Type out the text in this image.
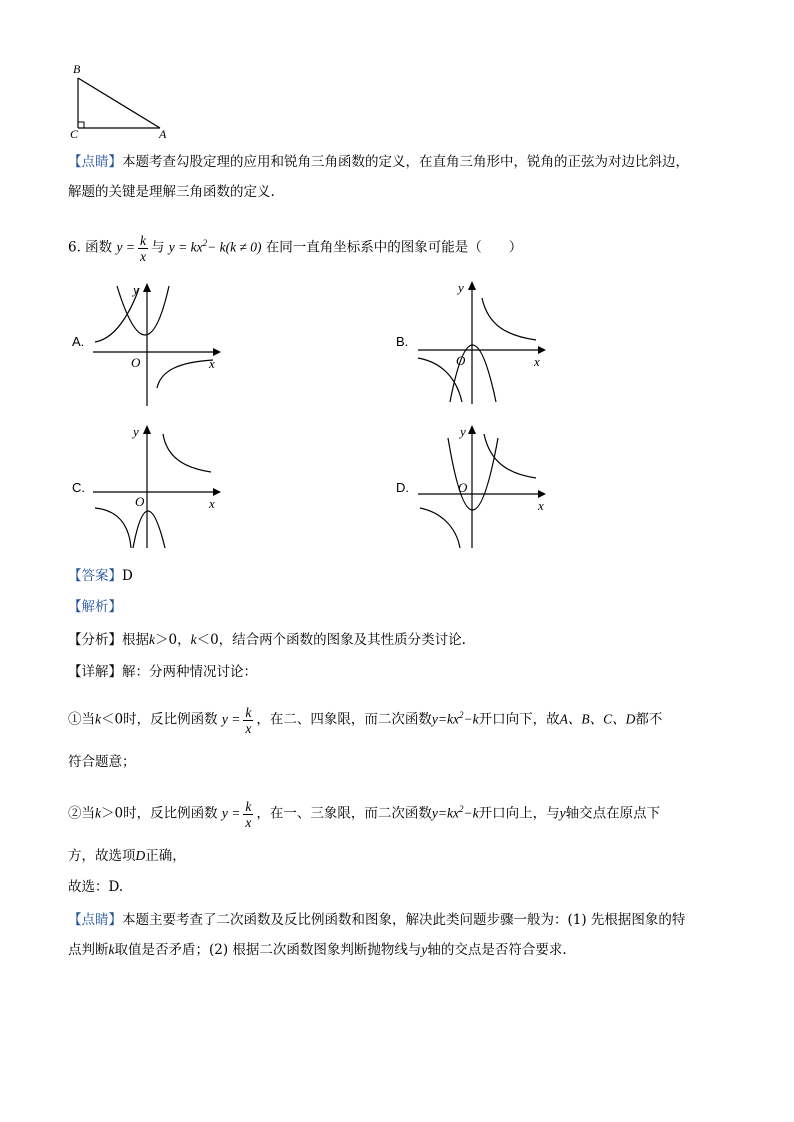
B
C	A
【点睛】本题考查勾股定理的应用和锐角三角函数的定义，在直角三角形中，锐角的正弦为对边比斜边，
解题的关键是理解三角函数的定义.
6. 函数 $y = \frac{k}{x}$ 与 $y = kx^2- k(k \ne 0)$ 在同一直角坐标系中的图象可能是（　　）
A.	B.
C.	D.
x
y
O	x
y
O
x
y
O	x
y
O
【答案】D
【解析】
【分析】根据k＞0，k＜0，结合两个函数的图象及其性质分类讨论.
【详解】解：分两种情况讨论：
①当k＜0时，反比例函数 $y = \frac{k}{x}$ ，在二、四象限，而二次函数$y=kx^2-k$开口向下，故A、B、C、D都不
符合题意；
②当k＞0时，反比例函数 $y = \frac{k}{x}$ ，在一、三象限，而二次函数$y=kx^2-k$开口向上，与y轴交点在原点下
方，故选项D正确，
故选：D.
【点睛】本题主要考查了二次函数及反比例函数和图象，解决此类问题步骤一般为：(1) 先根据图象的特
点判断k取值是否矛盾；(2) 根据二次函数图象判断抛物线与y轴的交点是否符合要求.
